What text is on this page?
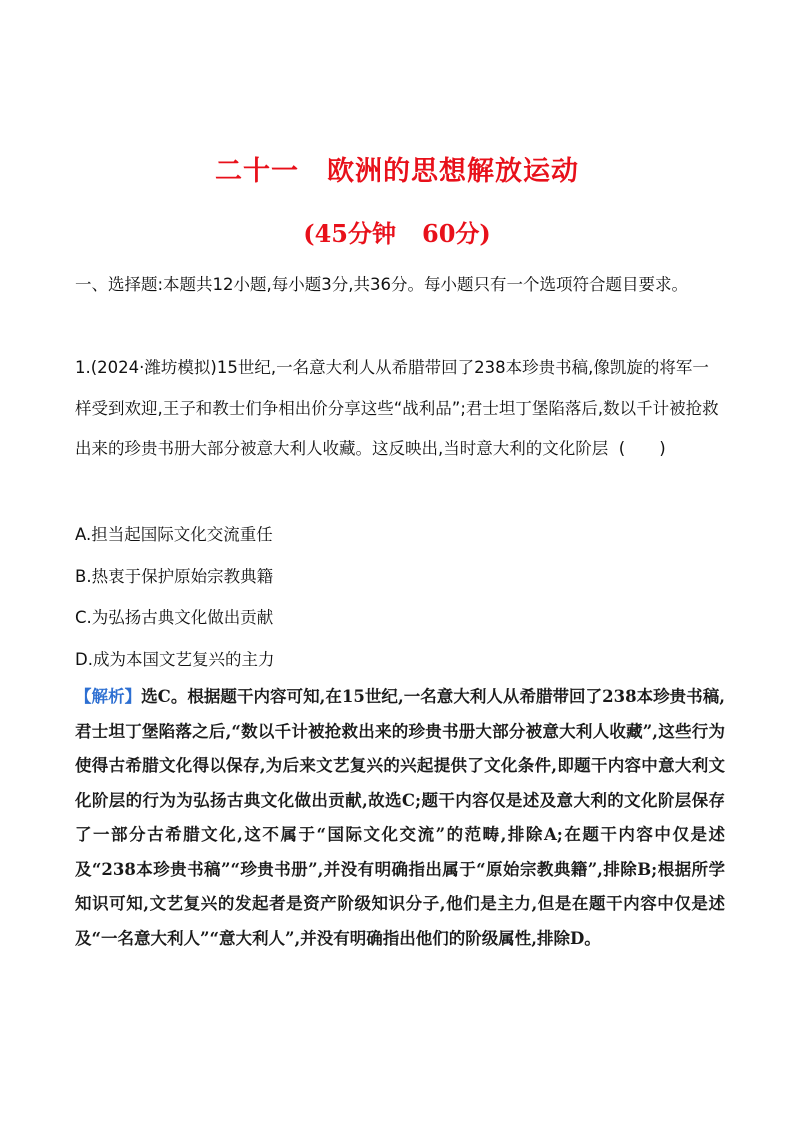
二十一 欧洲的思想解放运动
(45分钟 60分)
一、选择题:本题共12小题,每小题3分,共36分。每小题只有一个选项符合题目要求。
1.(2024·潍坊模拟)15世纪,一名意大利人从希腊带回了238本珍贵书稿,像凯旋的将军一样受到欢迎,王子和教士们争相出价分享这些“战利品”;君士坦丁堡陷落后,数以千计被抢救出来的珍贵书册大部分被意大利人收藏。这反映出,当时意大利的文化阶层 ( )
A.担当起国际文化交流重任
B.热衷于保护原始宗教典籍
C.为弘扬古典文化做出贡献
D.成为本国文艺复兴的主力
【解析】选C。根据题干内容可知,在15世纪,一名意大利人从希腊带回了238本珍贵书稿,君士坦丁堡陷落之后,“数以千计被抢救出来的珍贵书册大部分被意大利人收藏”,这些行为使得古希腊文化得以保存,为后来文艺复兴的兴起提供了文化条件,即题干内容中意大利文化阶层的行为为弘扬古典文化做出贡献,故选C;题干内容仅是述及意大利的文化阶层保存了一部分古希腊文化,这不属于“国际文化交流”的范畴,排除A;在题干内容中仅是述及“238本珍贵书稿”“珍贵书册”,并没有明确指出属于“原始宗教典籍”,排除B;根据所学知识可知,文艺复兴的发起者是资产阶级知识分子,他们是主力,但是在题干内容中仅是述及“一名意大利人”“意大利人”,并没有明确指出他们的阶级属性,排除D。
